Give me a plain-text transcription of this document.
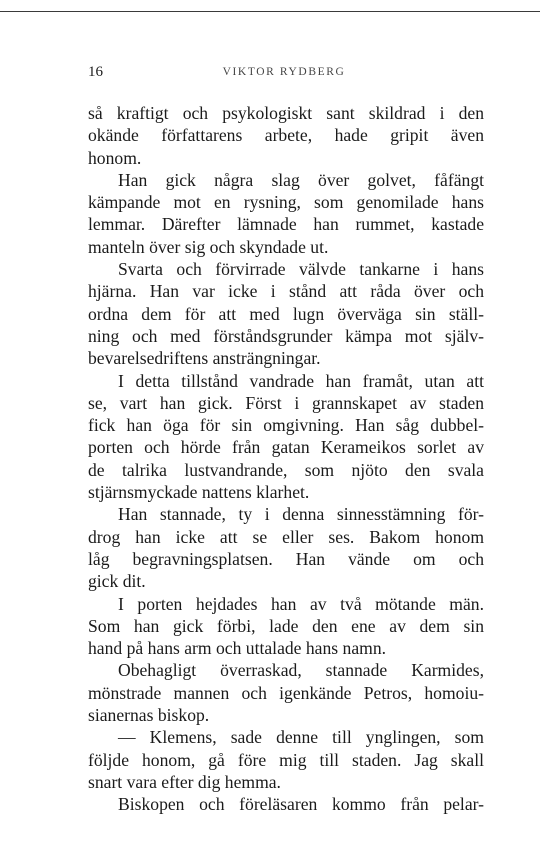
16	VIKTOR RYDBERG
så kraftigt och psykologiskt sant skildrad i den
okände författarens arbete, hade gripit även
honom.
Han gick några slag över golvet, fåfängt
kämpande mot en rysning, som genomilade hans
lemmar. Därefter lämnade han rummet, kastade
manteln över sig och skyndade ut.
Svarta och förvirrade välvde tankarne i hans
hjärna. Han var icke i stånd att råda över och
ordna dem för att med lugn överväga sin ställ-
ning och med förståndsgrunder kämpa mot själv-
bevarelsedriftens ansträngningar.
I detta tillstånd vandrade han framåt, utan att
se, vart han gick. Först i grannskapet av staden
fick han öga för sin omgivning. Han såg dubbel-
porten och hörde från gatan Kerameikos sorlet av
de talrika lustvandrande, som njöto den svala
stjärnsmyckade nattens klarhet.
Han stannade, ty i denna sinnesstämning för-
drog han icke att se eller ses. Bakom honom
låg begravningsplatsen. Han vände om och
gick dit.
I porten hejdades han av två mötande män.
Som han gick förbi, lade den ene av dem sin
hand på hans arm och uttalade hans namn.
Obehagligt överraskad, stannade Karmides,
mönstrade mannen och igenkände Petros, homoiu-
sianernas biskop.
— Klemens, sade denne till ynglingen, som
följde honom, gå före mig till staden. Jag skall
snart vara efter dig hemma.
Biskopen och föreläsaren kommo från pelar-
